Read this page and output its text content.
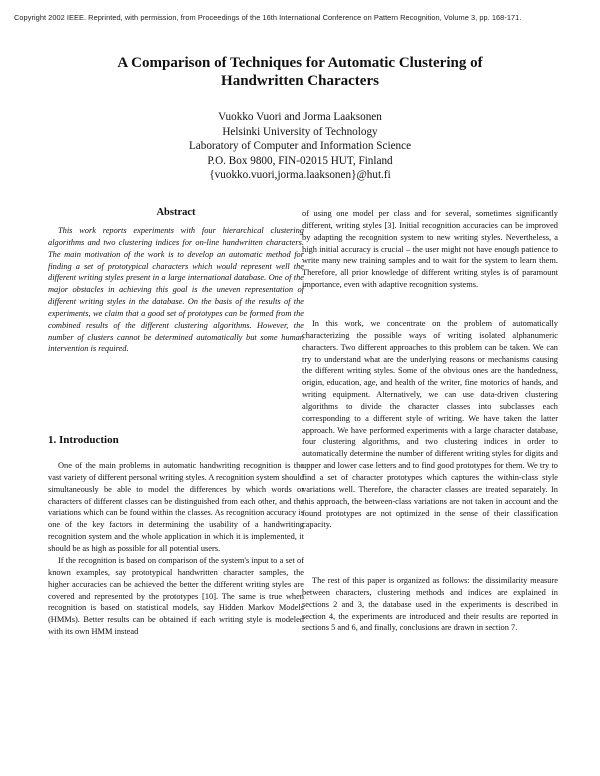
Copyright 2002 IEEE. Reprinted, with permission, from Proceedings of the 16th International Conference on Pattern Recognition, Volume 3, pp. 168-171.
A Comparison of Techniques for Automatic Clustering of
Handwritten Characters
Vuokko Vuori and Jorma Laaksonen
Helsinki University of Technology
Laboratory of Computer and Information Science
P.O. Box 9800, FIN-02015 HUT, Finland
{vuokko.vuori,jorma.laaksonen}@hut.fi
Abstract

This work reports experiments with four hierarchical clustering algorithms and two clustering indices for on-line handwritten characters. The main motivation of the work is to develop an automatic method for finding a set of prototypical characters which would represent well the different writing styles present in a large international database. One of the major obstacles in achieving this goal is the uneven representation of different writing styles in the database. On the basis of the results of the experiments, we claim that a good set of prototypes can be formed from the combined results of the different clustering algorithms. However, the number of clusters cannot be determined automatically but some human intervention is required.

1. Introduction

One of the main problems in automatic handwriting recognition is the vast variety of different personal writing styles. A recognition system should simultaneously be able to model the differences by which words or characters of different classes can be distinguished from each other, and the variations which can be found within the classes. As recognition accuracy is one of the key factors in determining the usability of a handwriting recognition system and the whole application in which it is implemented, it should be as high as possible for all potential users.

If the recognition is based on comparison of the system's input to a set of known examples, say prototypical handwritten character samples, the higher accuracies can be achieved the better the different writing styles are covered and represented by the prototypes [10]. The same is true when recognition is based on statistical models, say Hidden Markov Models (HMMs). Better results can be obtained if each writing style is modeled with its own HMM instead

of using one model per class and for several, sometimes significantly different, writing styles [3]. Initial recognition accuracies can be improved by adapting the recognition system to new writing styles. Nevertheless, a high initial accuracy is crucial – the user might not have enough patience to write many new training samples and to wait for the system to learn them. Therefore, all prior knowledge of different writing styles is of paramount importance, even with adaptive recognition systems.

In this work, we concentrate on the problem of automatically characterizing the possible ways of writing isolated alphanumeric characters. Two different approaches to this problem can be taken. We can try to understand what are the underlying reasons or mechanisms causing the different writing styles. Some of the obvious ones are the handedness, origin, education, age, and health of the writer, fine motorics of hands, and writing equipment. Alternatively, we can use data-driven clustering algorithms to divide the character classes into subclasses each corresponding to a different style of writing. We have taken the latter approach. We have performed experiments with a large character database, four clustering algorithms, and two clustering indices in order to automatically determine the number of different writing styles for digits and upper and lower case letters and to find good prototypes for them. We try to find a set of character prototypes which captures the within-class style variations well. Therefore, the character classes are treated separately. In this approach, the between-class variations are not taken in account and the found prototypes are not optimized in the sense of their classification capacity.

The rest of this paper is organized as follows: the dissimilarity measure between characters, clustering methods and indices are explained in sections 2 and 3, the database used in the experiments is described in section 4, the experiments are introduced and their results are reported in sections 5 and 6, and finally, conclusions are drawn in section 7.
